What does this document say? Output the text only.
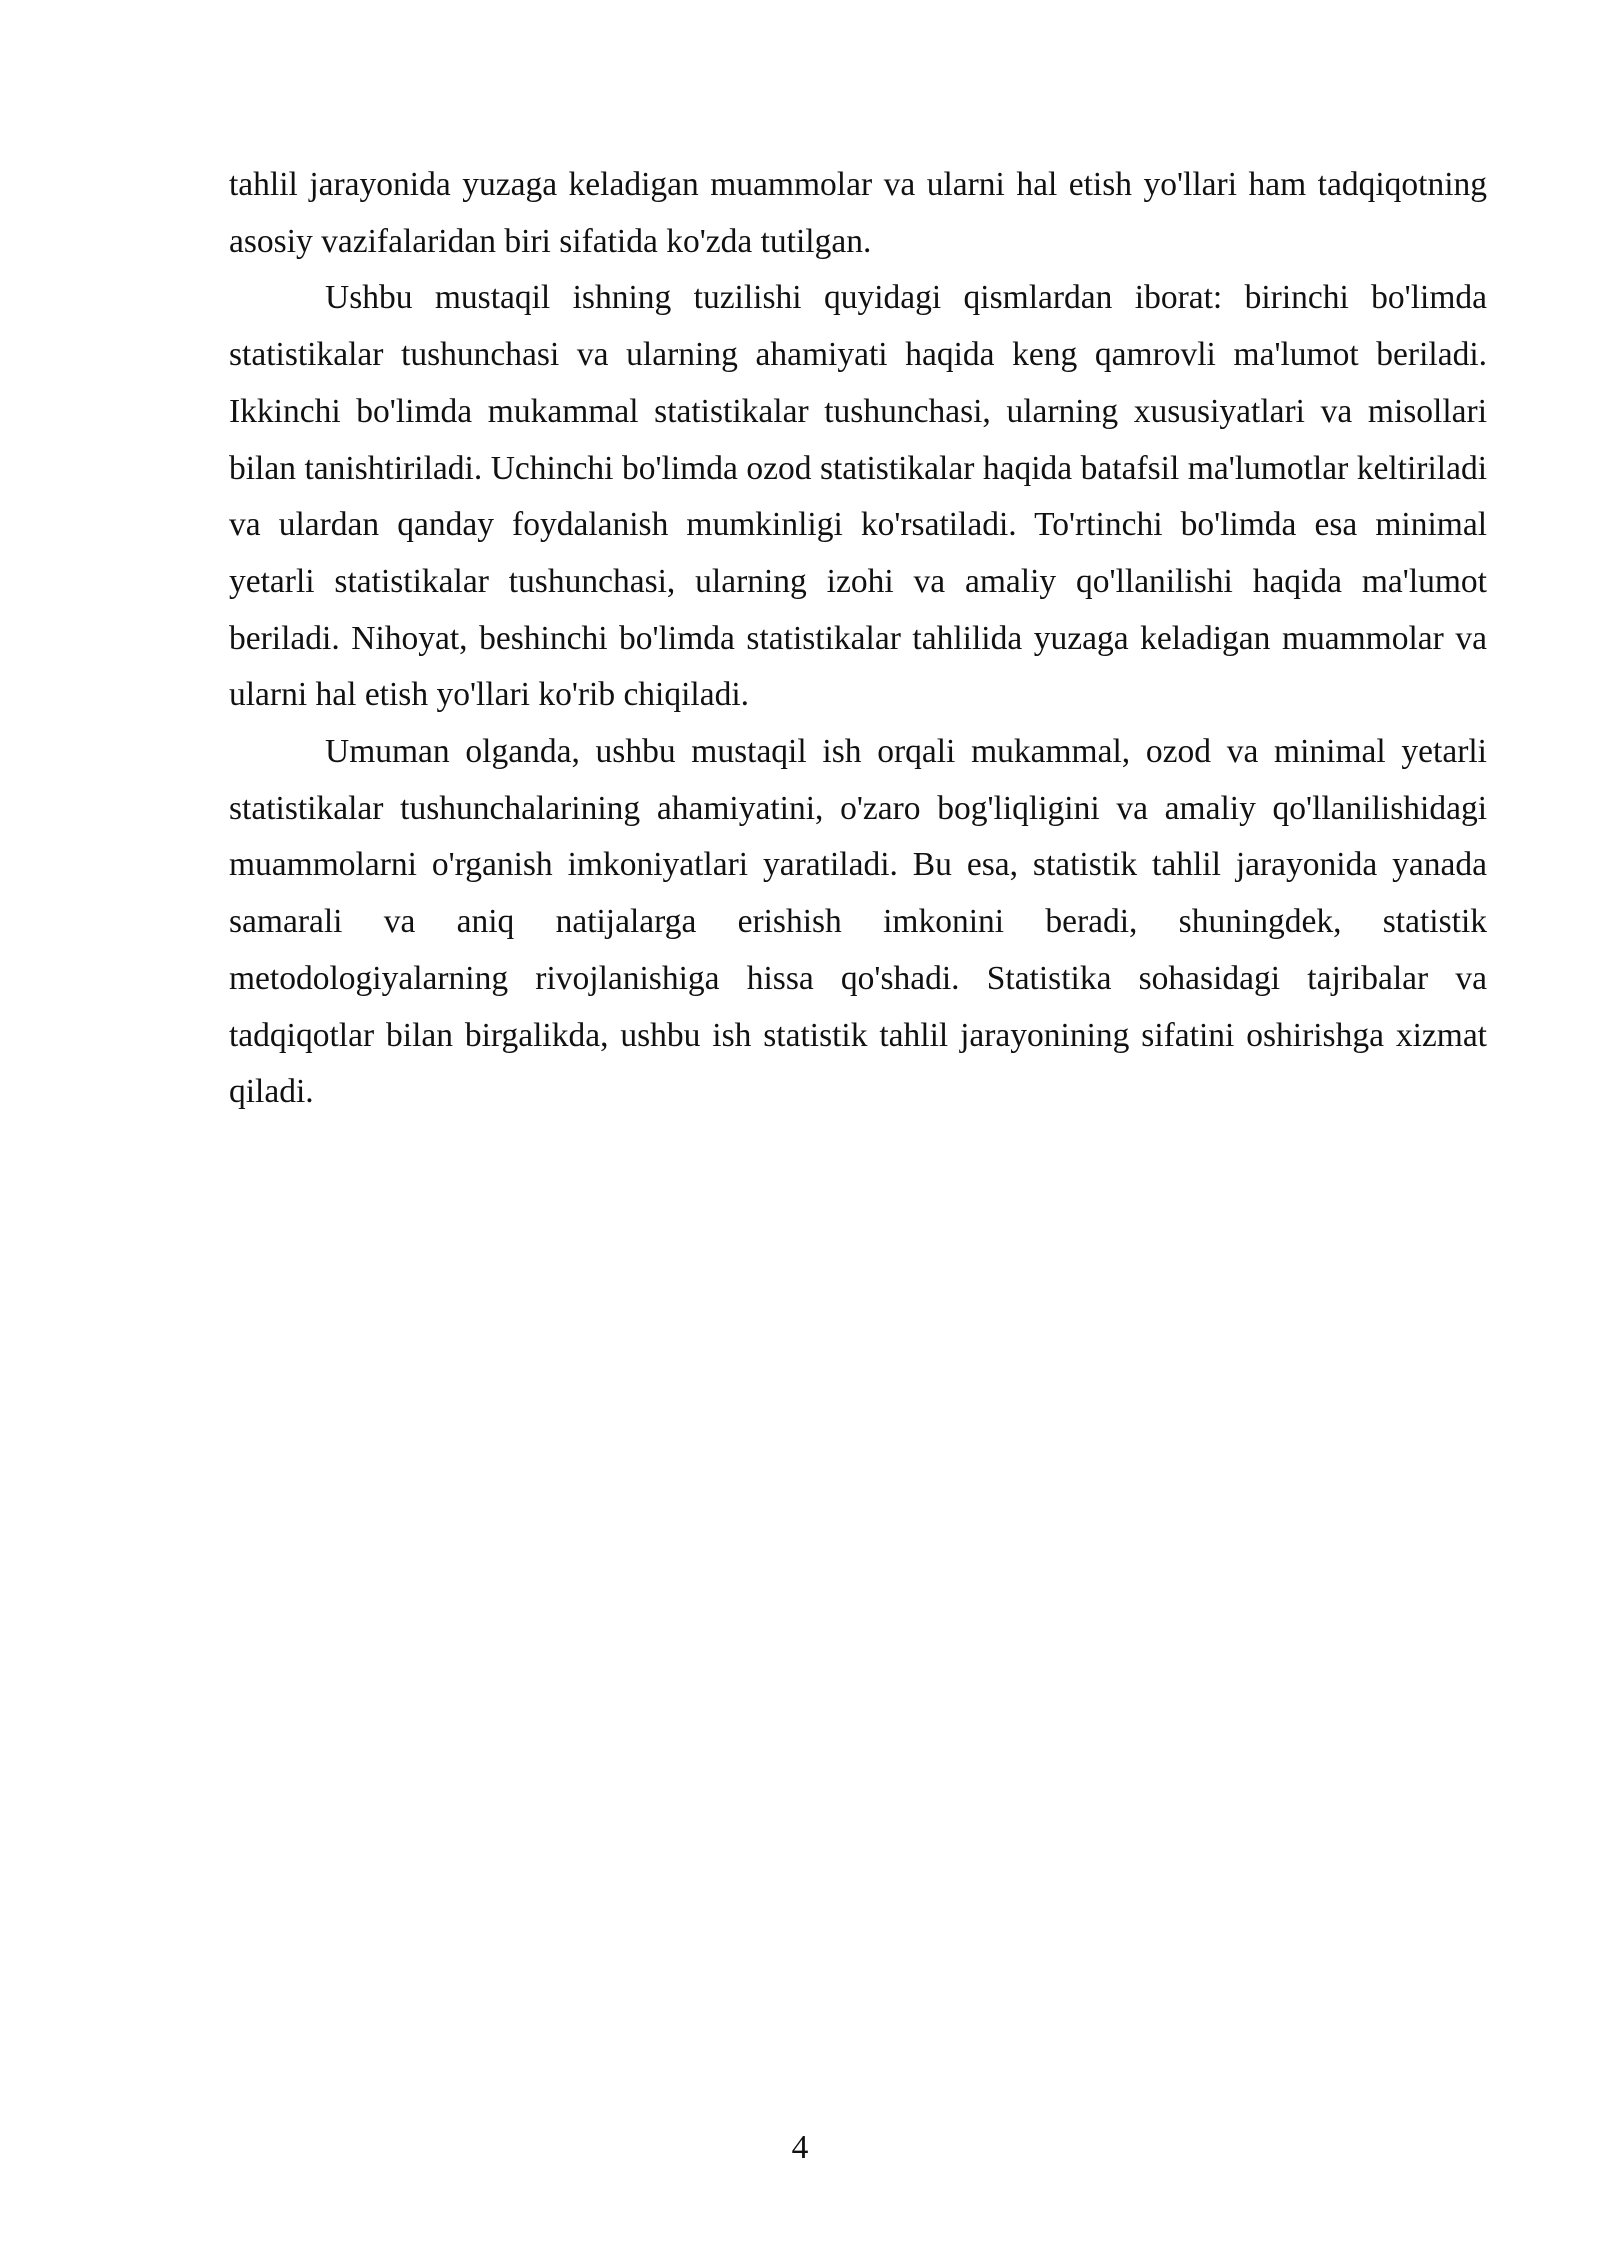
tahlil jarayonida yuzaga keladigan muammolar va ularni hal etish yo'llari ham tadqiqotning asosiy vazifalaridan biri sifatida ko'zda tutilgan.

Ushbu mustaqil ishning tuzilishi quyidagi qismlardan iborat: birinchi bo'limda statistikalar tushunchasi va ularning ahamiyati haqida keng qamrovli ma'lumot beriladi. Ikkinchi bo'limda mukammal statistikalar tushunchasi, ularning xususiyatlari va misollari bilan tanishtiriladi. Uchinchi bo'limda ozod statistikalar haqida batafsil ma'lumotlar keltiriladi va ulardan qanday foydalanish mumkinligi ko'rsatiladi. To'rtinchi bo'limda esa minimal yetarli statistikalar tushunchasi, ularning izohi va amaliy qo'llanilishi haqida ma'lumot beriladi. Nihoyat, beshinchi bo'limda statistikalar tahlilida yuzaga keladigan muammolar va ularni hal etish yo'llari ko'rib chiqiladi.

Umuman olganda, ushbu mustaqil ish orqali mukammal, ozod va minimal yetarli statistikalar tushunchalarining ahamiyatini, o'zaro bog'liqligini va amaliy qo'llanilishidagi muammolarni o'rganish imkoniyatlari yaratiladi. Bu esa, statistik tahlil jarayonida yanada samarali va aniq natijalarga erishish imkonini beradi, shuningdek, statistik metodologiyalarning rivojlanishiga hissa qo'shadi. Statistika sohasidagi tajribalar va tadqiqotlar bilan birgalikda, ushbu ish statistik tahlil jarayonining sifatini oshirishga xizmat qiladi.

4
